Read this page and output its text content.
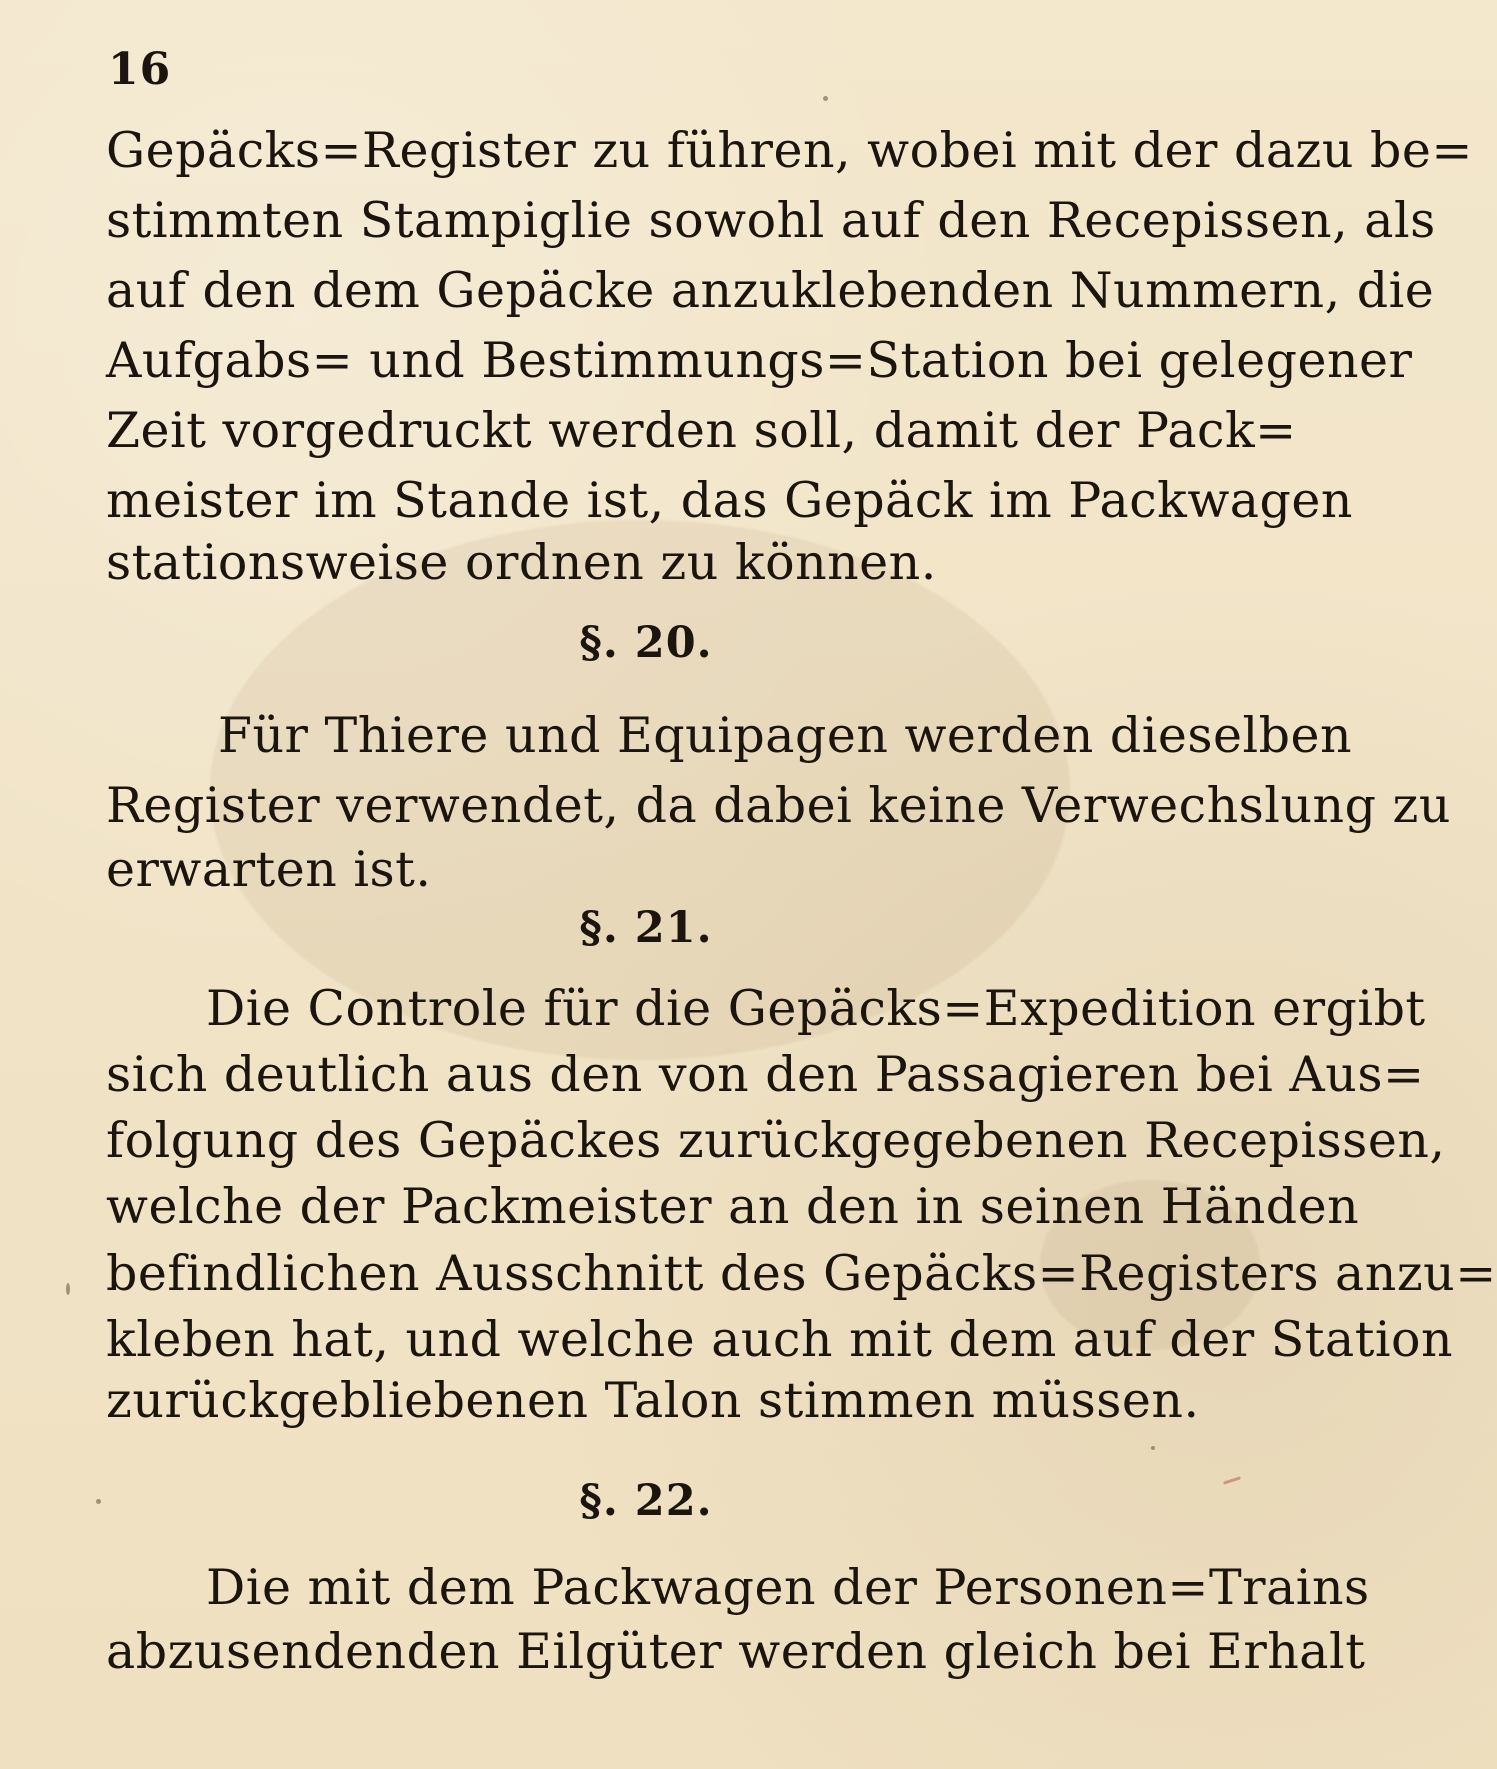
16
Gepäcks=Register zu führen, wobei mit der dazu be=
stimmten Stampiglie sowohl auf den Recepissen, als
auf den dem Gepäcke anzuklebenden Nummern, die
Aufgabs= und Bestimmungs=Station bei gelegener
Zeit vorgedruckt werden soll, damit der Pack=
meister im Stande ist, das Gepäck im Packwagen
stationsweise ordnen zu können.
§. 20.
Für Thiere und Equipagen werden dieselben
Register verwendet, da dabei keine Verwechslung zu
erwarten ist.
§. 21.
Die Controle für die Gepäcks=Expedition ergibt
sich deutlich aus den von den Passagieren bei Aus=
folgung des Gepäckes zurückgegebenen Recepissen,
welche der Packmeister an den in seinen Händen
befindlichen Ausschnitt des Gepäcks=Registers anzu=
kleben hat, und welche auch mit dem auf der Station
zurückgebliebenen Talon stimmen müssen.
§. 22.
Die mit dem Packwagen der Personen=Trains
abzusendenden Eilgüter werden gleich bei Erhalt
